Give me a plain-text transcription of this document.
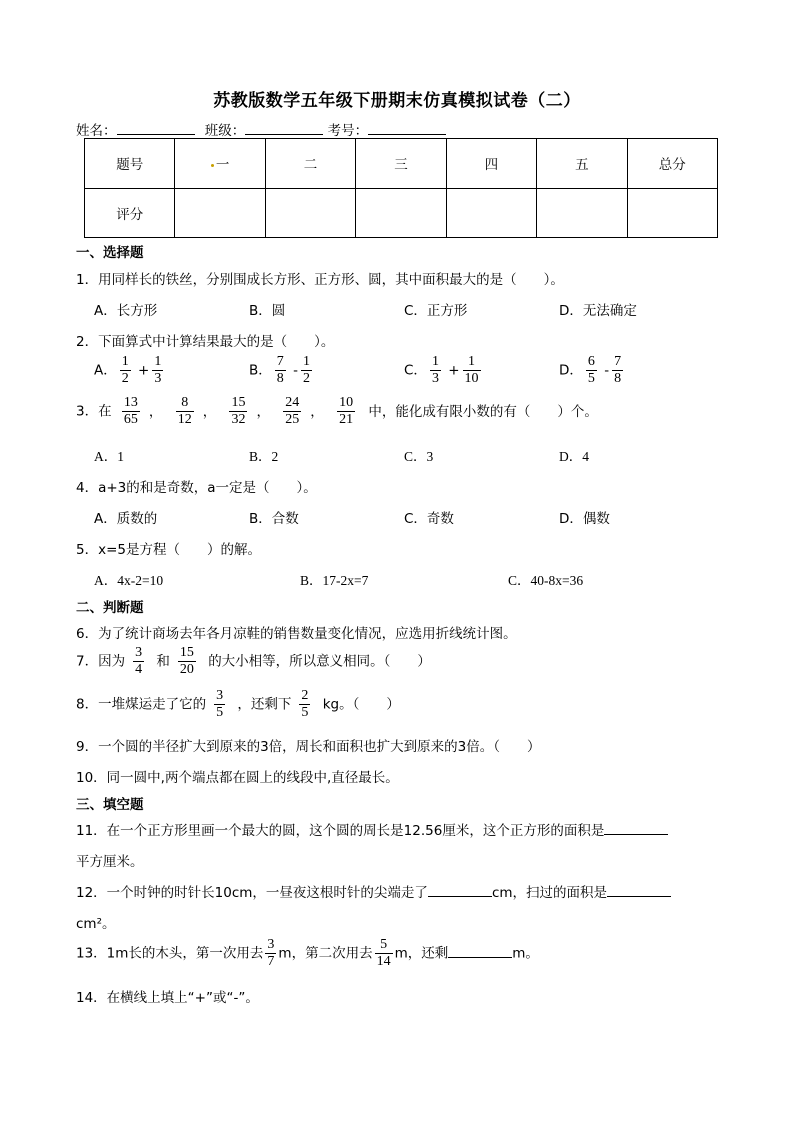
苏教版数学五年级下册期末仿真模拟试卷（二）
姓名：	班级：	考号：
题号	一	二	三	四	五	总分
评分						
一、选择题
1．用同样长的铁丝，分别围成长方形、正方形、圆，其中面积最大的是（　　）。
A．长方形	B．圆	C．正方形	D．无法确定
2．下面算式中计算结果最大的是（　　）。
A． $\frac{1}{2} + \frac{1}{3}$	B． $\frac{7}{8} - \frac{1}{2}$	C． $\frac{1}{3} + \frac{1}{10}$	D． $\frac{6}{5} - \frac{7}{8}$
3．在 $\frac{13}{65}$ ， $\frac{8}{12}$ ， $\frac{15}{32}$ ， $\frac{24}{25}$ ， $\frac{10}{21}$ 中，能化成有限小数的有（　　）个。
A．1	B．2	C．3	D．4
4．a+3的和是奇数，a一定是（　　）。
A．质数的	B．合数	C．奇数	D．偶数
5．x=5是方程（　　）的解。
A．4x-2=10	B．17-2x=7	C．40-8x=36
二、判断题
6．为了统计商场去年各月凉鞋的销售数量变化情况，应选用折线统计图。
7．因为 $\frac{3}{4}$ 和 $\frac{15}{20}$ 的大小相等，所以意义相同。（　　）
8．一堆煤运走了它的 $\frac{3}{5}$ ，还剩下 $\frac{2}{5}$ kg。（　　）
9．一个圆的半径扩大到原来的3倍，周长和面积也扩大到原来的3倍。（　　）
10．同一圆中,两个端点都在圆上的线段中,直径最长。
三、填空题
11．在一个正方形里画一个最大的圆，这个圆的周长是12.56厘米，这个正方形的面积是
平方厘米。
12．一个时钟的时针长10cm，一昼夜这根时针的尖端走了	cm，扫过的面积是
cm²。
13．1m长的木头，第一次用去 $\frac{3}{7}$ m，第二次用去 $\frac{5}{14}$ m，还剩	m。
14．在横线上填上“+”或“-”。
